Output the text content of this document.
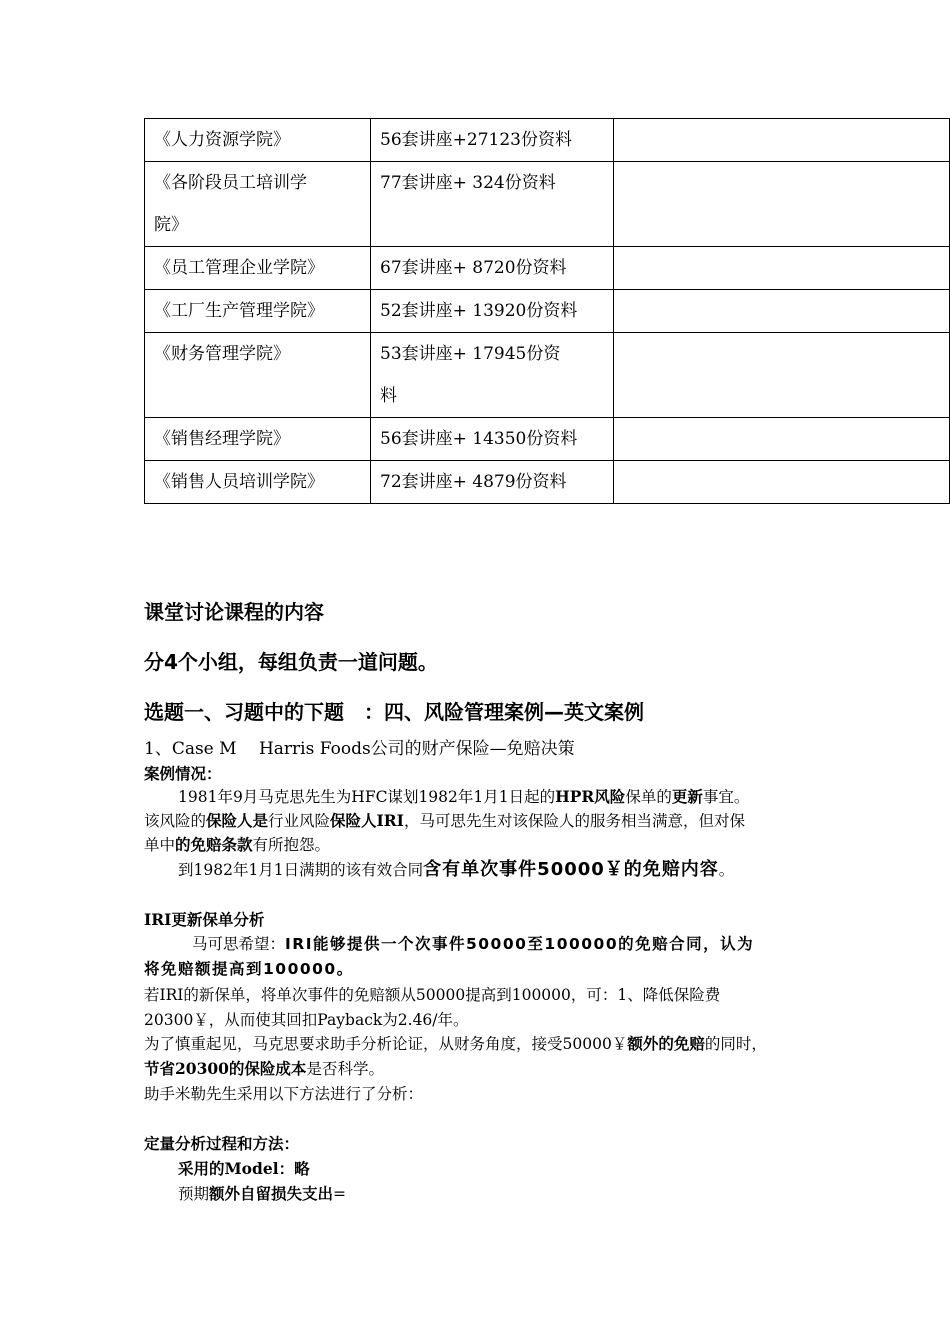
《人力资源学院》	56套讲座+27123份资料	
《各阶段员工培训学
院》	77套讲座+ 324份资料	
《员工管理企业学院》	67套讲座+ 8720份资料	
《工厂生产管理学院》	52套讲座+ 13920份资料	
《财务管理学院》	53套讲座+ 17945份资
料	
《销售经理学院》	56套讲座+ 14350份资料	
《销售人员培训学院》	72套讲座+ 4879份资料	
课堂讨论课程的内容
分4个小组，每组负责一道问题。
选题一、习题中的下题　：四、风险管理案例—英文案例
1、Case M　 Harris Foods公司的财产保险—免赔决策
案例情况：
1981年9月马克思先生为HFC谋划1982年1月1日起的HPR风险保单的更新事宜。
该风险的保险人是行业风险保险人IRI，马可思先生对该保险人的服务相当满意，但对保
单中的免赔条款有所抱怨。
到1982年1月1日满期的该有效合同含有单次事件50000￥的免赔内容。
IRI更新保单分析
马可思希望：IRI能够提供一个次事件50000至100000的免赔合同，认为
将免赔额提高到100000。
若IRI的新保单，将单次事件的免赔额从50000提高到100000，可：1、降低保险费
20300￥，从而使其回扣Payback为2.46/年。
为了慎重起见，马克思要求助手分析论证，从财务角度，接受50000￥额外的免赔的同时，
节省20300的保险成本是否科学。
助手米勒先生采用以下方法进行了分析：
定量分析过程和方法：
采用的Model：略
预期额外自留损失支出=
